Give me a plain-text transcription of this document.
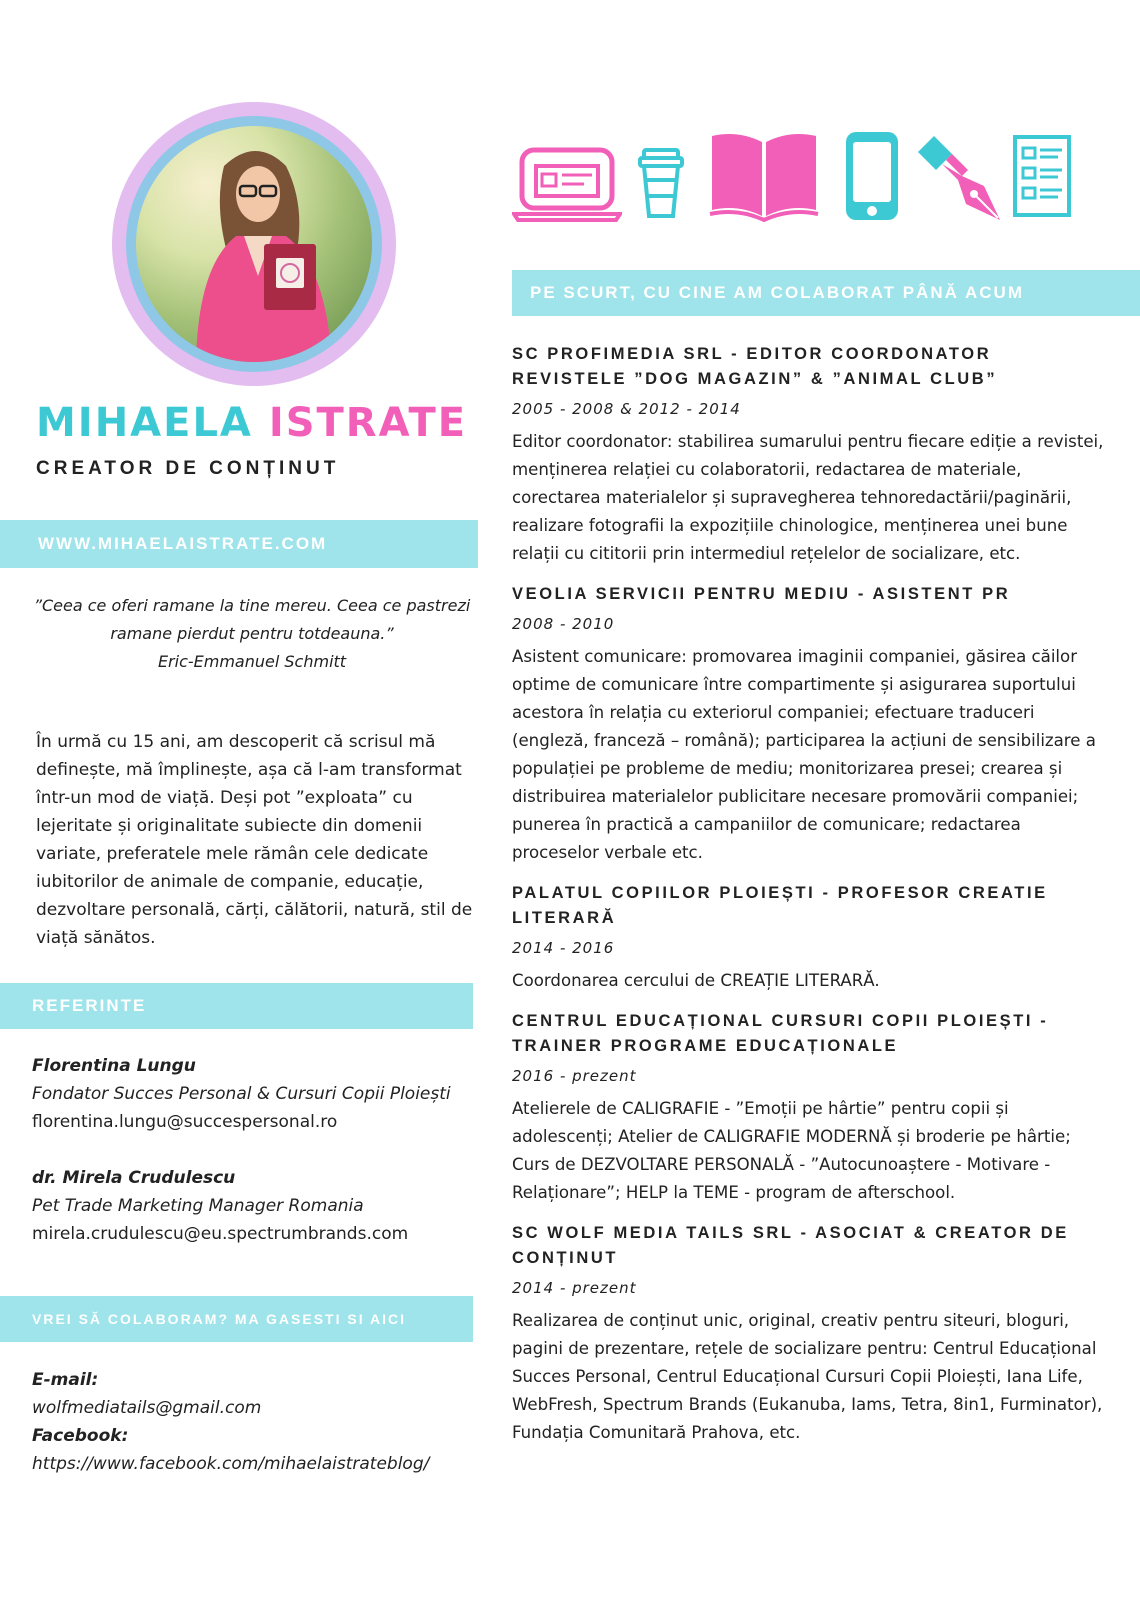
MIHAELA ISTRATE
CREATOR DE CONȚINUT
WWW.MIHAELAISTRATE.COM
”Ceea ce oferi ramane la tine mereu. Ceea ce pastrezi
ramane pierdut pentru totdeauna.”
Eric-Emmanuel Schmitt
În urmă cu 15 ani, am descoperit că scrisul mă definește, mă împlinește, așa că l-am transformat într-un mod de viață. Deși pot ”exploata” cu lejeritate și originalitate subiecte din domenii variate, preferatele mele rămân cele dedicate iubitorilor de animale de companie, educație, dezvoltare personală, cărți, călătorii, natură, stil de viață sănătos.
REFERINTE
Florentina Lungu
Fondator Succes Personal & Cursuri Copii Ploiești
florentina.lungu@succespersonal.ro
dr. Mirela Crudulescu
Pet Trade Marketing Manager Romania
mirela.crudulescu@eu.spectrumbrands.com
VREI SĂ COLABORAM? MA GASESTI SI AICI
E-mail:
wolfmediatails@gmail.com
Facebook:
https://www.facebook.com/mihaelaistrateblog/
PE SCURT, CU CINE AM COLABORAT PÂNĂ ACUM
SC PROFIMEDIA SRL - EDITOR COORDONATOR REVISTELE ”DOG MAGAZIN” & ”ANIMAL CLUB”
2005 - 2008 & 2012 - 2014
Editor coordonator: stabilirea sumarului pentru fiecare ediție a revistei, menținerea relației cu colaboratorii, redactarea de materiale, corectarea materialelor și supravegherea tehnoredactării/paginării, realizare fotografii la expozițiile chinologice, menținerea unei bune relații cu cititorii prin intermediul rețelelor de socializare, etc.
VEOLIA SERVICII PENTRU MEDIU - ASISTENT PR
2008 - 2010
Asistent comunicare: promovarea imaginii companiei, găsirea căilor optime de comunicare între compartimente și asigurarea suportului acestora în relația cu exteriorul companiei; efectuare traduceri (engleză, franceză – română); participarea la acțiuni de sensibilizare a populației pe probleme de mediu; monitorizarea presei; crearea și distribuirea materialelor publicitare necesare promovării companiei; punerea în practică a campaniilor de comunicare; redactarea proceselor verbale etc.
PALATUL COPIILOR PLOIEȘTI - PROFESOR CREATIE LITERARĂ
2014 - 2016
Coordonarea cercului de CREAȚIE LITERARĂ.
CENTRUL EDUCAȚIONAL CURSURI COPII PLOIEȘTI - TRAINER PROGRAME EDUCAȚIONALE
2016 - prezent
Atelierele de CALIGRAFIE - ”Emoții pe hârtie” pentru copii și adolescenți; Atelier de CALIGRAFIE MODERNĂ și broderie pe hârtie; Curs de DEZVOLTARE PERSONALĂ - ”Autocunoaștere - Motivare - Relaționare”; HELP la TEME - program de afterschool.
SC WOLF MEDIA TAILS SRL - ASOCIAT & CREATOR DE CONȚINUT
2014 - prezent
Realizarea de conținut unic, original, creativ pentru siteuri, bloguri, pagini de prezentare, rețele de socializare pentru: Centrul Educațional Succes Personal, Centrul Educațional Cursuri Copii Ploiești, Iana Life, WebFresh, Spectrum Brands (Eukanuba, Iams, Tetra, 8in1, Furminator), Fundația Comunitară Prahova, etc.
